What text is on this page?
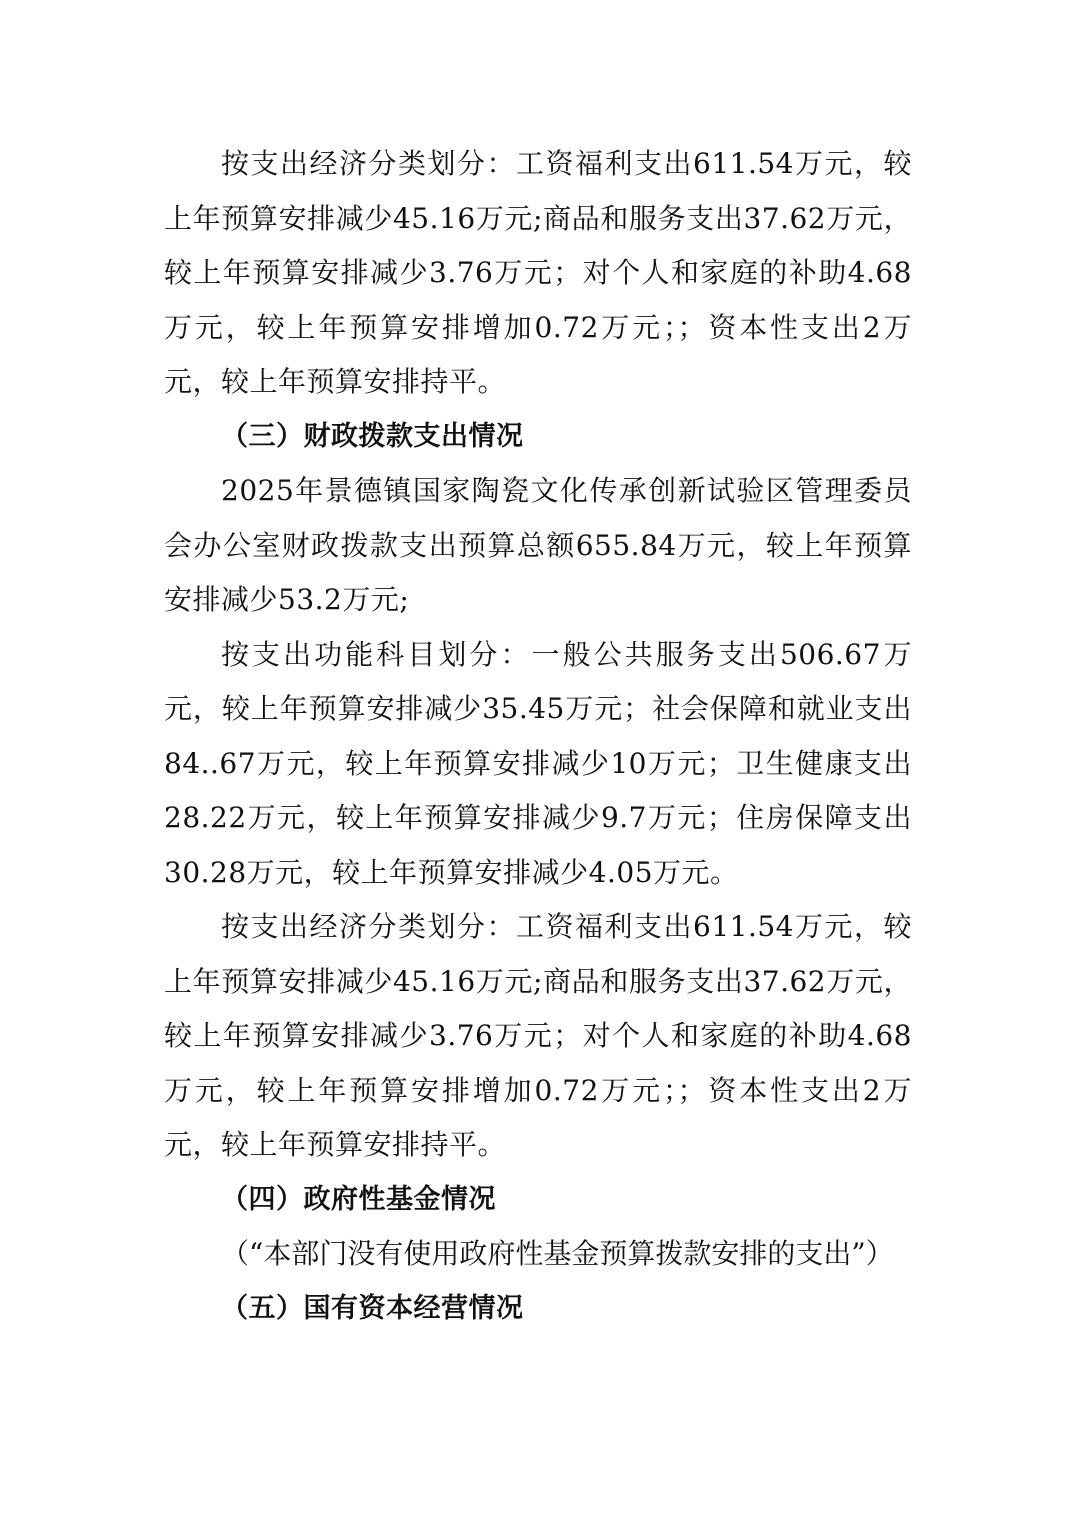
按支出经济分类划分：工资福利支出611.54万元，较上年预算安排减少45.16万元;商品和服务支出37.62万元，较上年预算安排减少3.76万元；对个人和家庭的补助4.68万元，较上年预算安排增加0.72万元；；资本性支出2万元，较上年预算安排持平。

（三）财政拨款支出情况

2025年景德镇国家陶瓷文化传承创新试验区管理委员会办公室财政拨款支出预算总额655.84万元，较上年预算安排减少53.2万元;

按支出功能科目划分：一般公共服务支出506.67万元，较上年预算安排减少35.45万元；社会保障和就业支出84..67万元，较上年预算安排减少10万元；卫生健康支出28.22万元，较上年预算安排减少9.7万元；住房保障支出30.28万元，较上年预算安排减少4.05万元。

按支出经济分类划分：工资福利支出611.54万元，较上年预算安排减少45.16万元;商品和服务支出37.62万元，较上年预算安排减少3.76万元；对个人和家庭的补助4.68万元，较上年预算安排增加0.72万元；；资本性支出2万元，较上年预算安排持平。

（四）政府性基金情况

（“本部门没有使用政府性基金预算拨款安排的支出”）

（五）国有资本经营情况
